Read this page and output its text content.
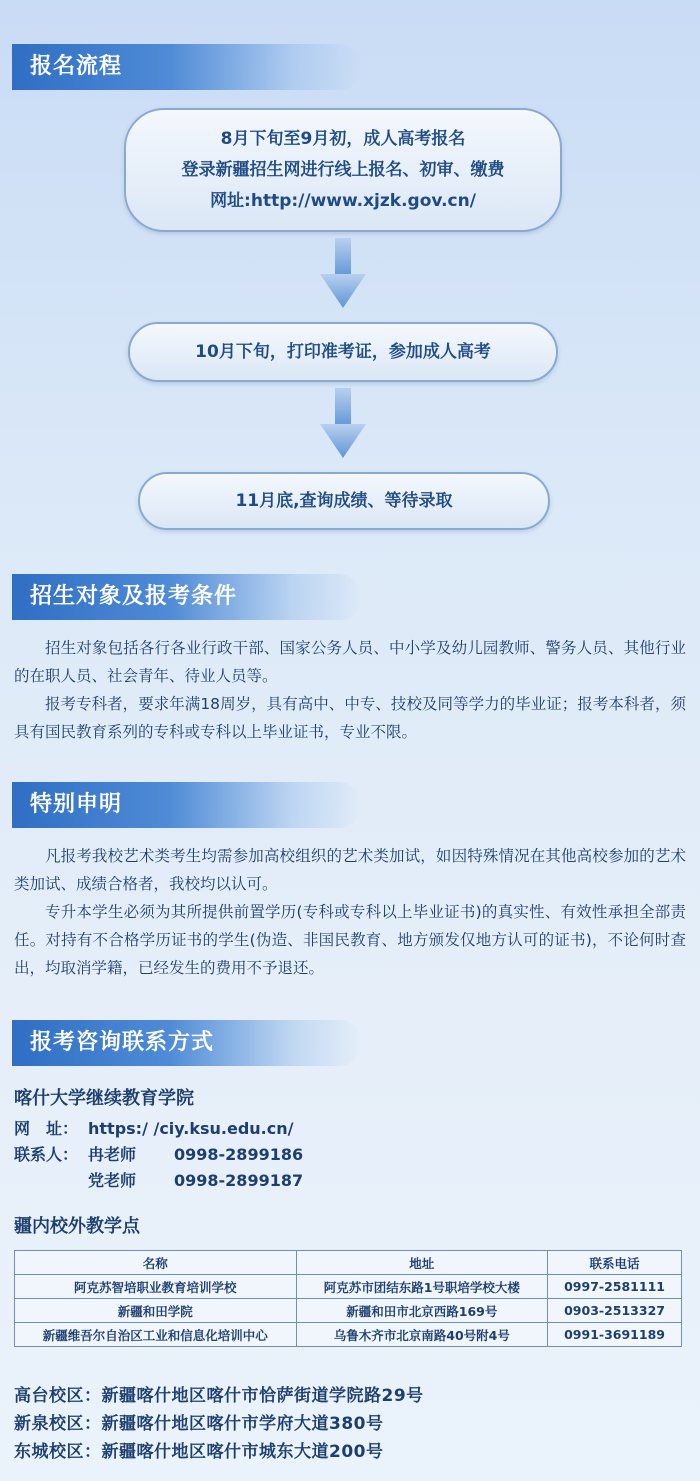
报名流程
8月下旬至9月初，成人高考报名
登录新疆招生网进行线上报名、初审、缴费
网址:http://www.xjzk.gov.cn/
10月下旬，打印准考证，参加成人高考
11月底,查询成绩、等待录取
招生对象及报考条件

招生对象包括各行各业行政干部、国家公务人员、中小学及幼儿园教师、警务人员、其他行业的在职人员、社会青年、待业人员等。

报考专科者，要求年满18周岁，具有高中、中专、技校及同等学力的毕业证；报考本科者，须具有国民教育系列的专科或专科以上毕业证书，专业不限。

特别申明

凡报考我校艺术类考生均需参加高校组织的艺术类加试，如因特殊情况在其他高校参加的艺术类加试、成绩合格者，我校均以认可。

专升本学生必须为其所提供前置学历(专科或专科以上毕业证书)的真实性、有效性承担全部责任。对持有不合格学历证书的学生(伪造、非国民教育、地方颁发仅地方认可的证书)，不论何时查出，均取消学籍，已经发生的费用不予退还。

报考咨询联系方式
喀什大学继续教育学院
网　址： https:/ /ciy.ksu.edu.cn/
联系人： 冉老师	0998-2899186
党老师	0998-2899187
疆内校外教学点
名称	地址	联系电话
阿克苏智培职业教育培训学校	阿克苏市团结东路1号职培学校大楼	0997-2581111
新疆和田学院	新疆和田市北京西路169号	0903-2513327
新疆维吾尔自治区工业和信息化培训中心	乌鲁木齐市北京南路40号附4号	0991-3691189
高台校区：新疆喀什地区喀什市恰萨街道学院路29号
新泉校区：新疆喀什地区喀什市学府大道380号
东城校区：新疆喀什地区喀什市城东大道200号
